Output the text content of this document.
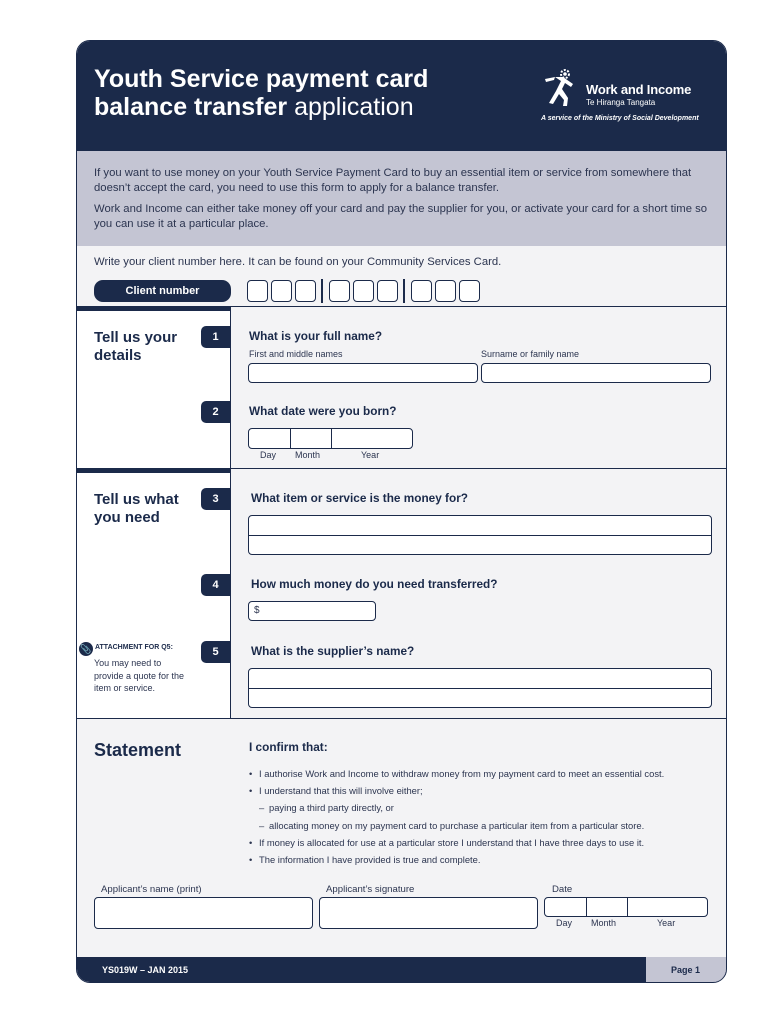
Youth Service payment card
balance transfer application
Work and Income
Te Hiranga Tangata
A service of the Ministry of Social Development

If you want to use money on your Youth Service Payment Card to buy an essential item or service from somewhere that doesn’t accept the card, you need to use this form to apply for a balance transfer.

Work and Income can either take money off your card and pay the supplier for you, or activate your card for a short time so you can use it at a particular place.

Write your client number here. It can be found on your Community Services Card.
Client number
Tell us your
details
1	What is your full name?
First and middle names	Surname or family name
2	What date were you born?
Day Month	Year
Tell us what
you need
3	What item or service is the money for?
4	How much money do you need transferred?
$
5	What is the supplier’s name?
📎 ATTACHMENT FOR Q5:
You may need to
provide a quote for the
item or service.
Statement	I confirm that:
• I authorise Work and Income to withdraw money from my payment card to meet an essential cost.
• I understand that this will involve either;
– paying a third party directly, or
– allocating money on my payment card to purchase a particular item from a particular store.
• If money is allocated for use at a particular store I understand that I have three days to use it.
• The information I have provided is true and complete.
Applicant’s name (print)	Applicant’s signature	Date
Day Month	Year
YS019W – JAN 2015	Page 1
